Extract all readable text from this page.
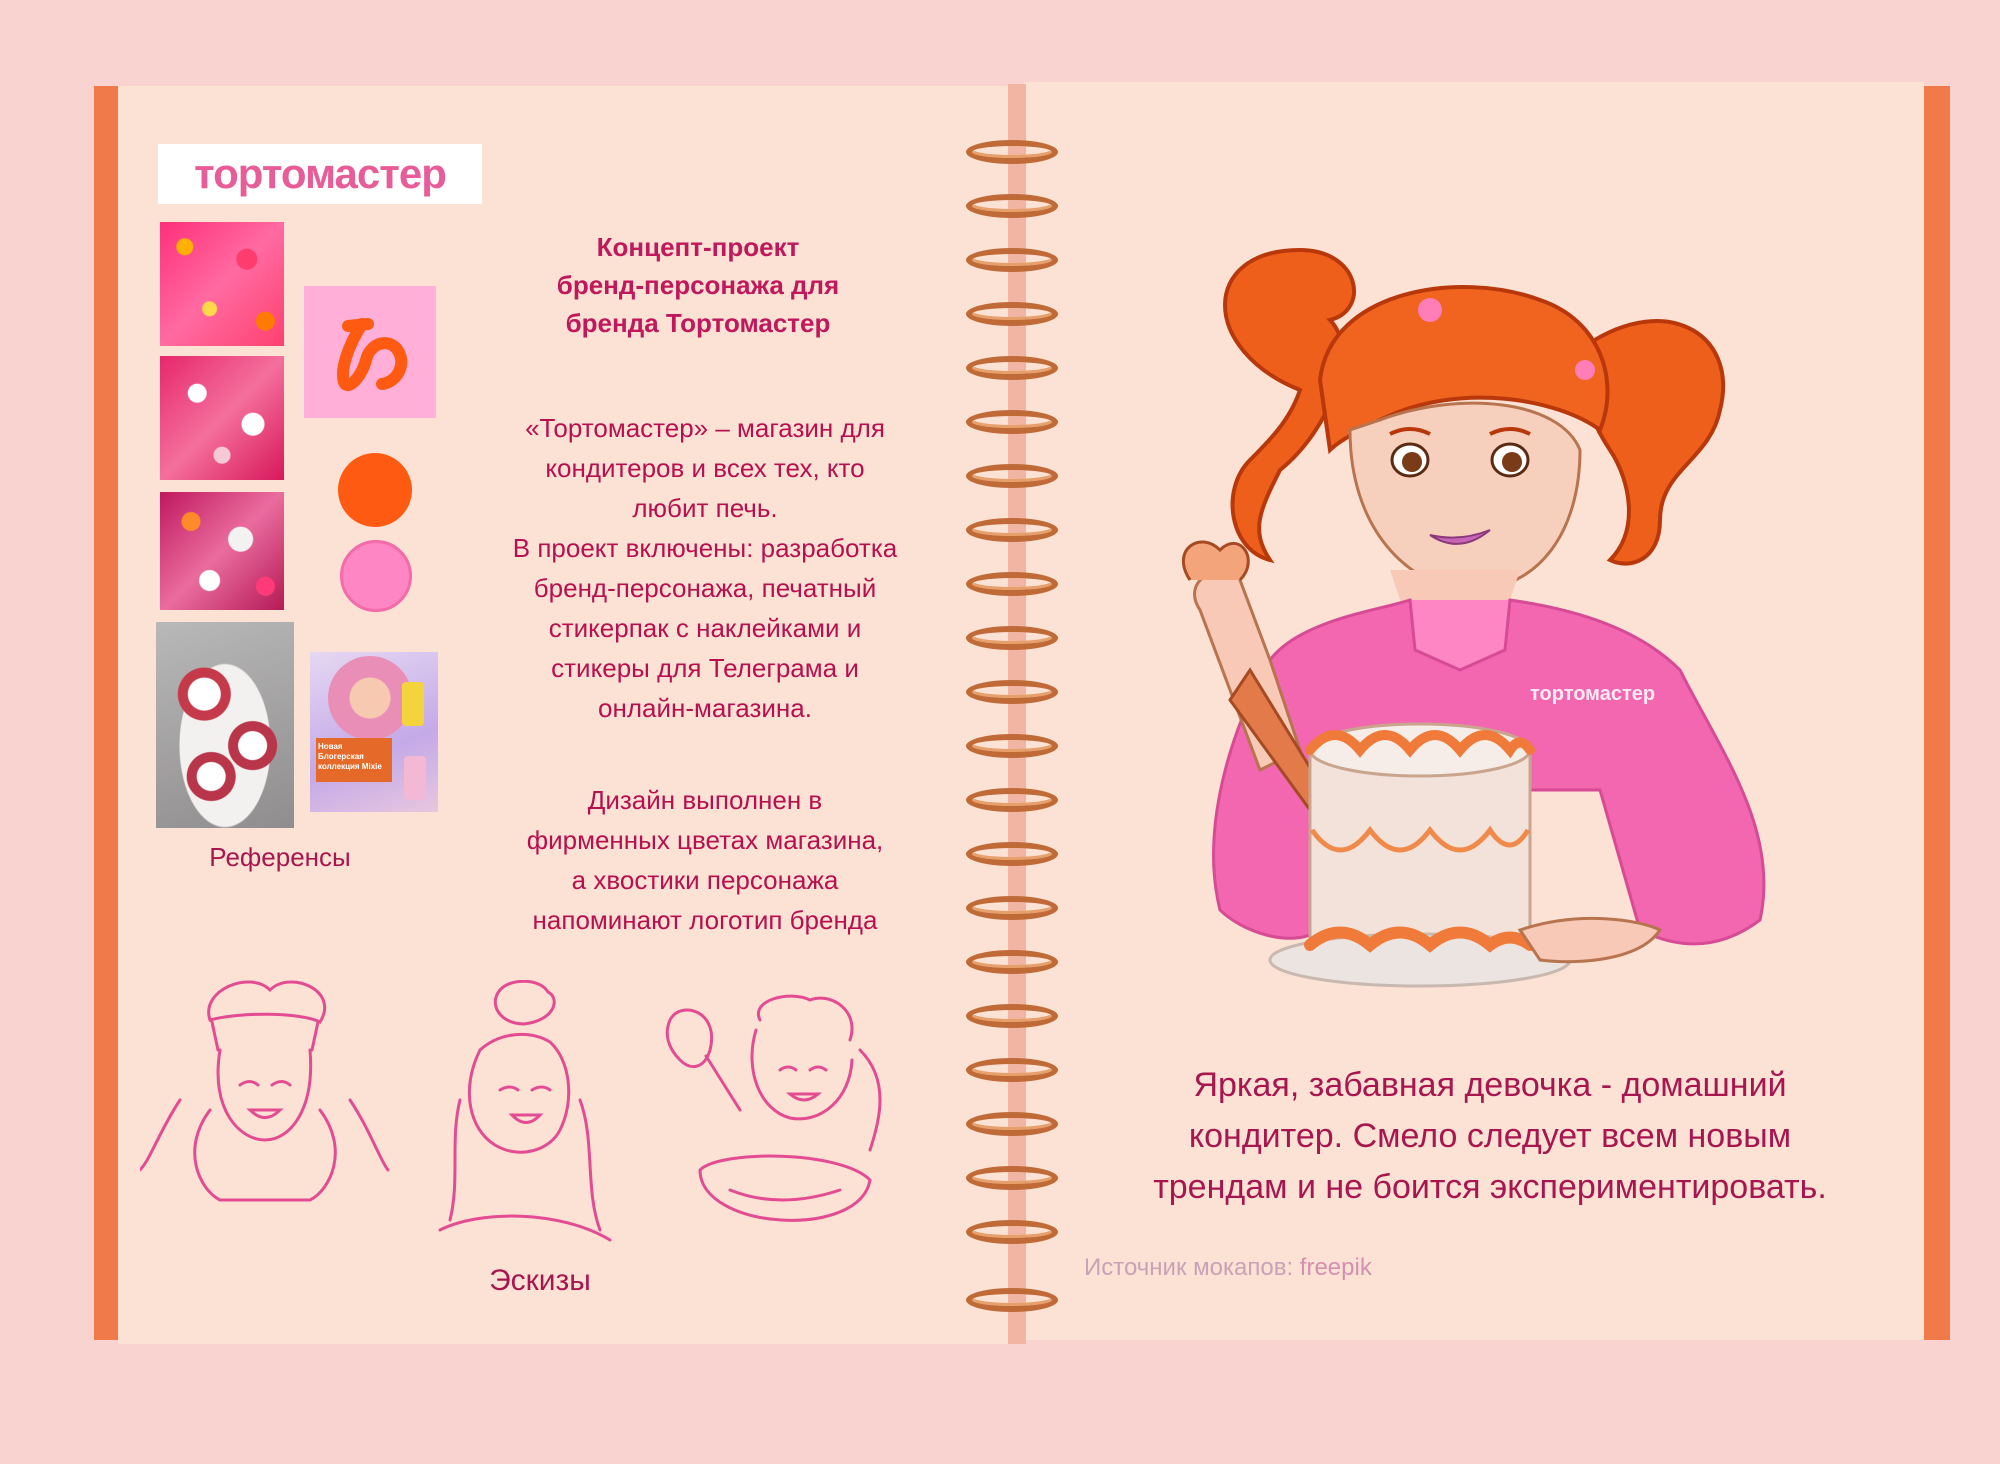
тортомастер
Новая Блогерская коллекция Mixie
Референсы
Концепт-проект
бренд-персонажа для
бренда Тортомастер
«Тортомастер» – магазин для
кондитеров и всех тех, кто
любит печь.
В проект включены: разработка
бренд-персонажа, печатный
стикерпак с наклейками и
стикеры для Телеграма и
онлайн-магазина.
Дизайн выполнен в
фирменных цветах магазина,
а хвостики персонажа
напоминают логотип бренда
Эскизы
тортомастер
Яркая, забавная девочка - домашний
кондитер. Смело следует всем новым
трендам и не боится экспериментировать.
Источник мокапов: freepik
